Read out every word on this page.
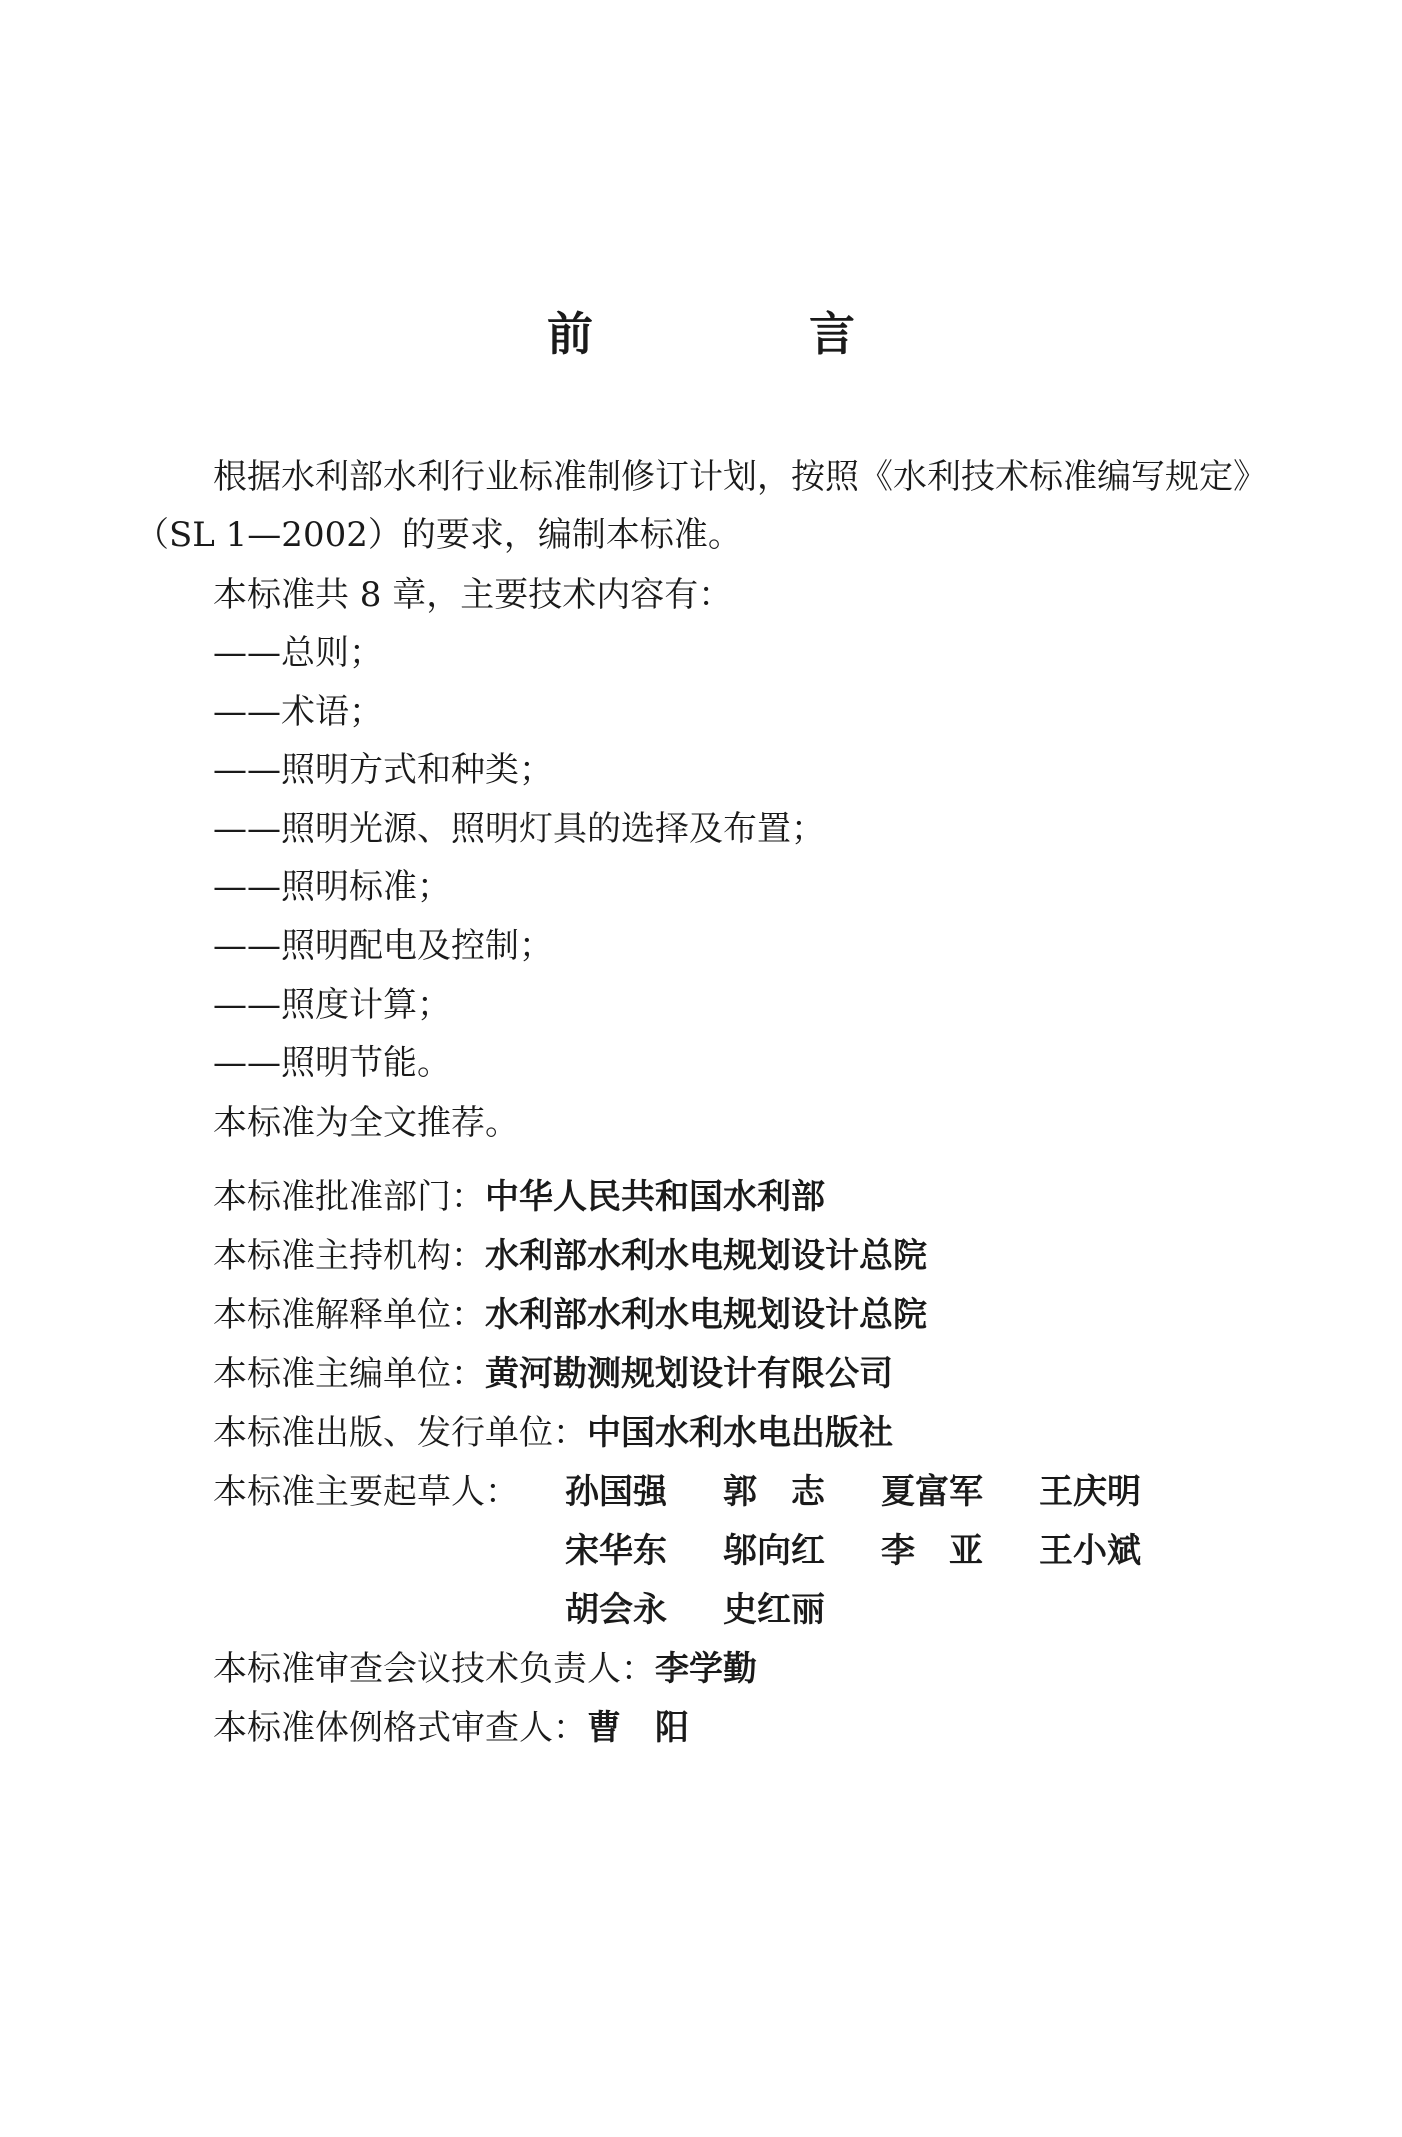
前 言

根据水利部水利行业标准制修订计划，按照《水利技术标准编写规定》（SL 1—2002）的要求，编制本标准。

本标准共 8 章，主要技术内容有：
——总则；
——术语；
——照明方式和种类；
——照明光源、照明灯具的选择及布置；
——照明标准；
——照明配电及控制；
——照度计算；
——照明节能。
本标准为全文推荐。
本标准批准部门：中华人民共和国水利部
本标准主持机构：水利部水利水电规划设计总院
本标准解释单位：水利部水利水电规划设计总院
本标准主编单位：黄河勘测规划设计有限公司
本标准出版、发行单位：中国水利水电出版社
本标准主要起草人： 孙国强 郭　志 夏富军 王庆明
宋华东 邬向红 李　亚 王小斌
胡会永 史红丽
本标准审查会议技术负责人：李学勤
本标准体例格式审查人：曹　阳
